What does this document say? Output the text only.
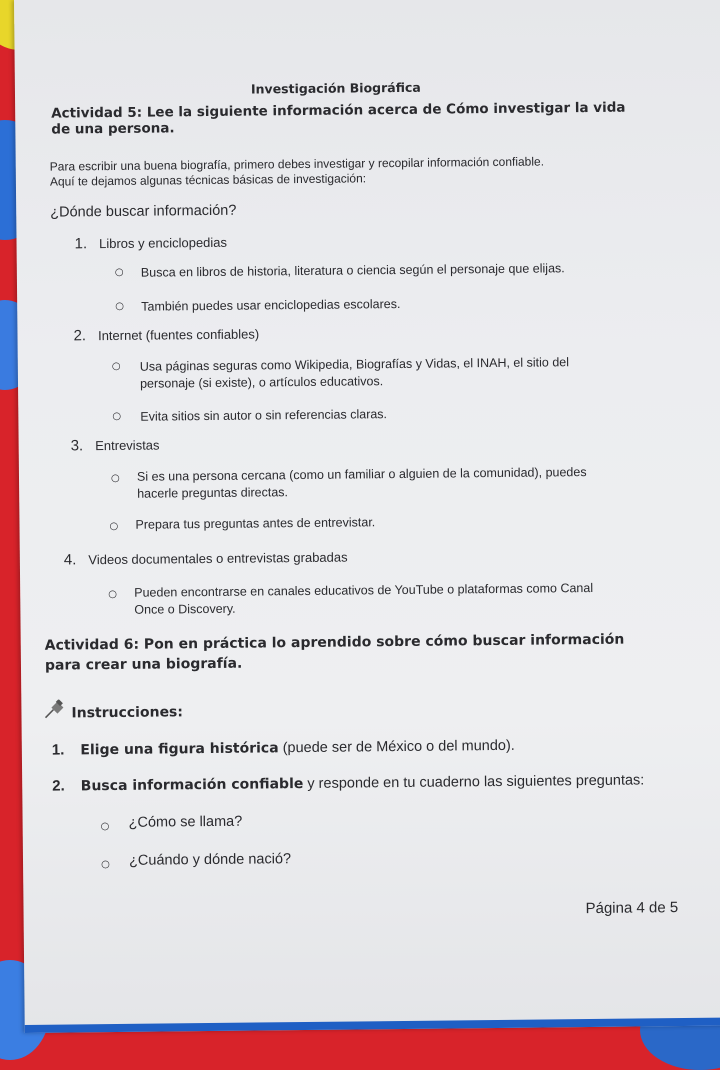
Investigación Biográfica
Actividad 5: Lee la siguiente información acerca de Cómo investigar la vida
de una persona.
Para escribir una buena biografía, primero debes investigar y recopilar información confiable.
Aquí te dejamos algunas técnicas básicas de investigación:
¿Dónde buscar información?
1. Libros y enciclopedias
○ Busca en libros de historia, literatura o ciencia según el personaje que elijas.
○ También puedes usar enciclopedias escolares.
2. Internet (fuentes confiables)
○ Usa páginas seguras como Wikipedia, Biografías y Vidas, el INAH, el sitio del
personaje (si existe), o artículos educativos.
○ Evita sitios sin autor o sin referencias claras.
3. Entrevistas
○ Si es una persona cercana (como un familiar o alguien de la comunidad), puedes
hacerle preguntas directas.
○ Prepara tus preguntas antes de entrevistar.
4. Videos documentales o entrevistas grabadas
○ Pueden encontrarse en canales educativos de YouTube o plataformas como Canal
Once o Discovery.
Actividad 6: Pon en práctica lo aprendido sobre cómo buscar información
para crear una biografía.
Instrucciones:
1. Elige una figura histórica (puede ser de México o del mundo).
2. Busca información confiable y responde en tu cuaderno las siguientes preguntas:
○ ¿Cómo se llama?
○ ¿Cuándo y dónde nació?
Página 4 de 5
